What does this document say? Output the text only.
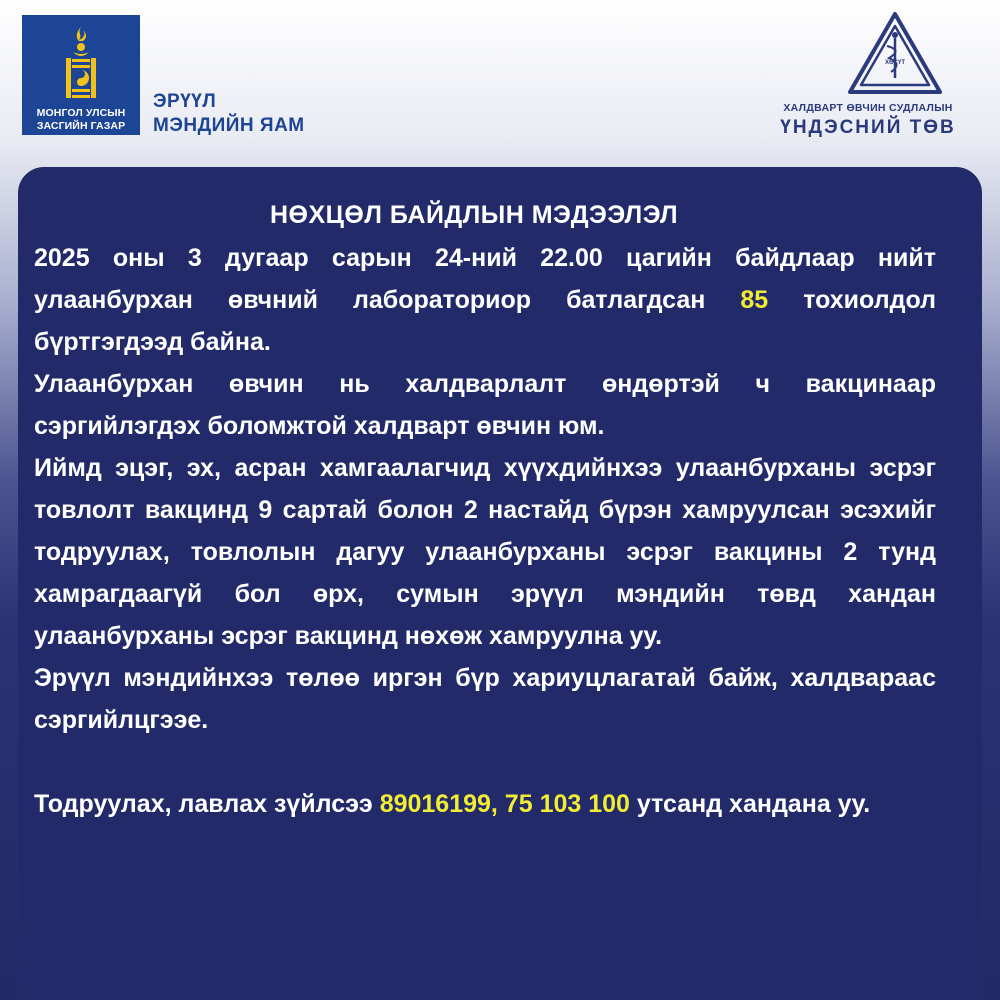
МОНГОЛ УЛСЫН
ЗАСГИЙН ГАЗАР
ЭРҮҮЛ
МЭНДИЙН ЯАМ
ХӨСҮТ
ХАЛДВАРТ ӨВЧИН СУДЛАЛЫН
ҮНДЭСНИЙ ТӨВ
НӨХЦӨЛ БАЙДЛЫН МЭДЭЭЛЭЛ

2025 оны 3 дугаар сарын 24-ний 22.00 цагийн байдлаар нийт улаанбурхан өвчний лабораториор батлагдсан 85 тохиолдол бүртгэгдээд байна.

Улаанбурхан өвчин нь халдварлалт өндөртэй ч вакцинаар сэргийлэгдэх боломжтой халдварт өвчин юм.

Иймд эцэг, эх, асран хамгаалагчид хүүхдийнхээ улаанбурханы эсрэг товлолт вакцинд 9 сартай болон 2 настайд бүрэн хамруулсан эсэхийг тодруулах, товлолын дагуу улаанбурханы эсрэг вакцины 2 тунд хамрагдаагүй бол өрх, сумын эрүүл мэндийн төвд хандан улаанбурханы эсрэг вакцинд нөхөж хамруулна уу.

Эрүүл мэндийнхээ төлөө иргэн бүр хариуцлагатай байж, халдвараас сэргийлцгээе.

Тодруулах, лавлах зүйлсээ 89016199, 75 103 100 утсанд хандана уу.
